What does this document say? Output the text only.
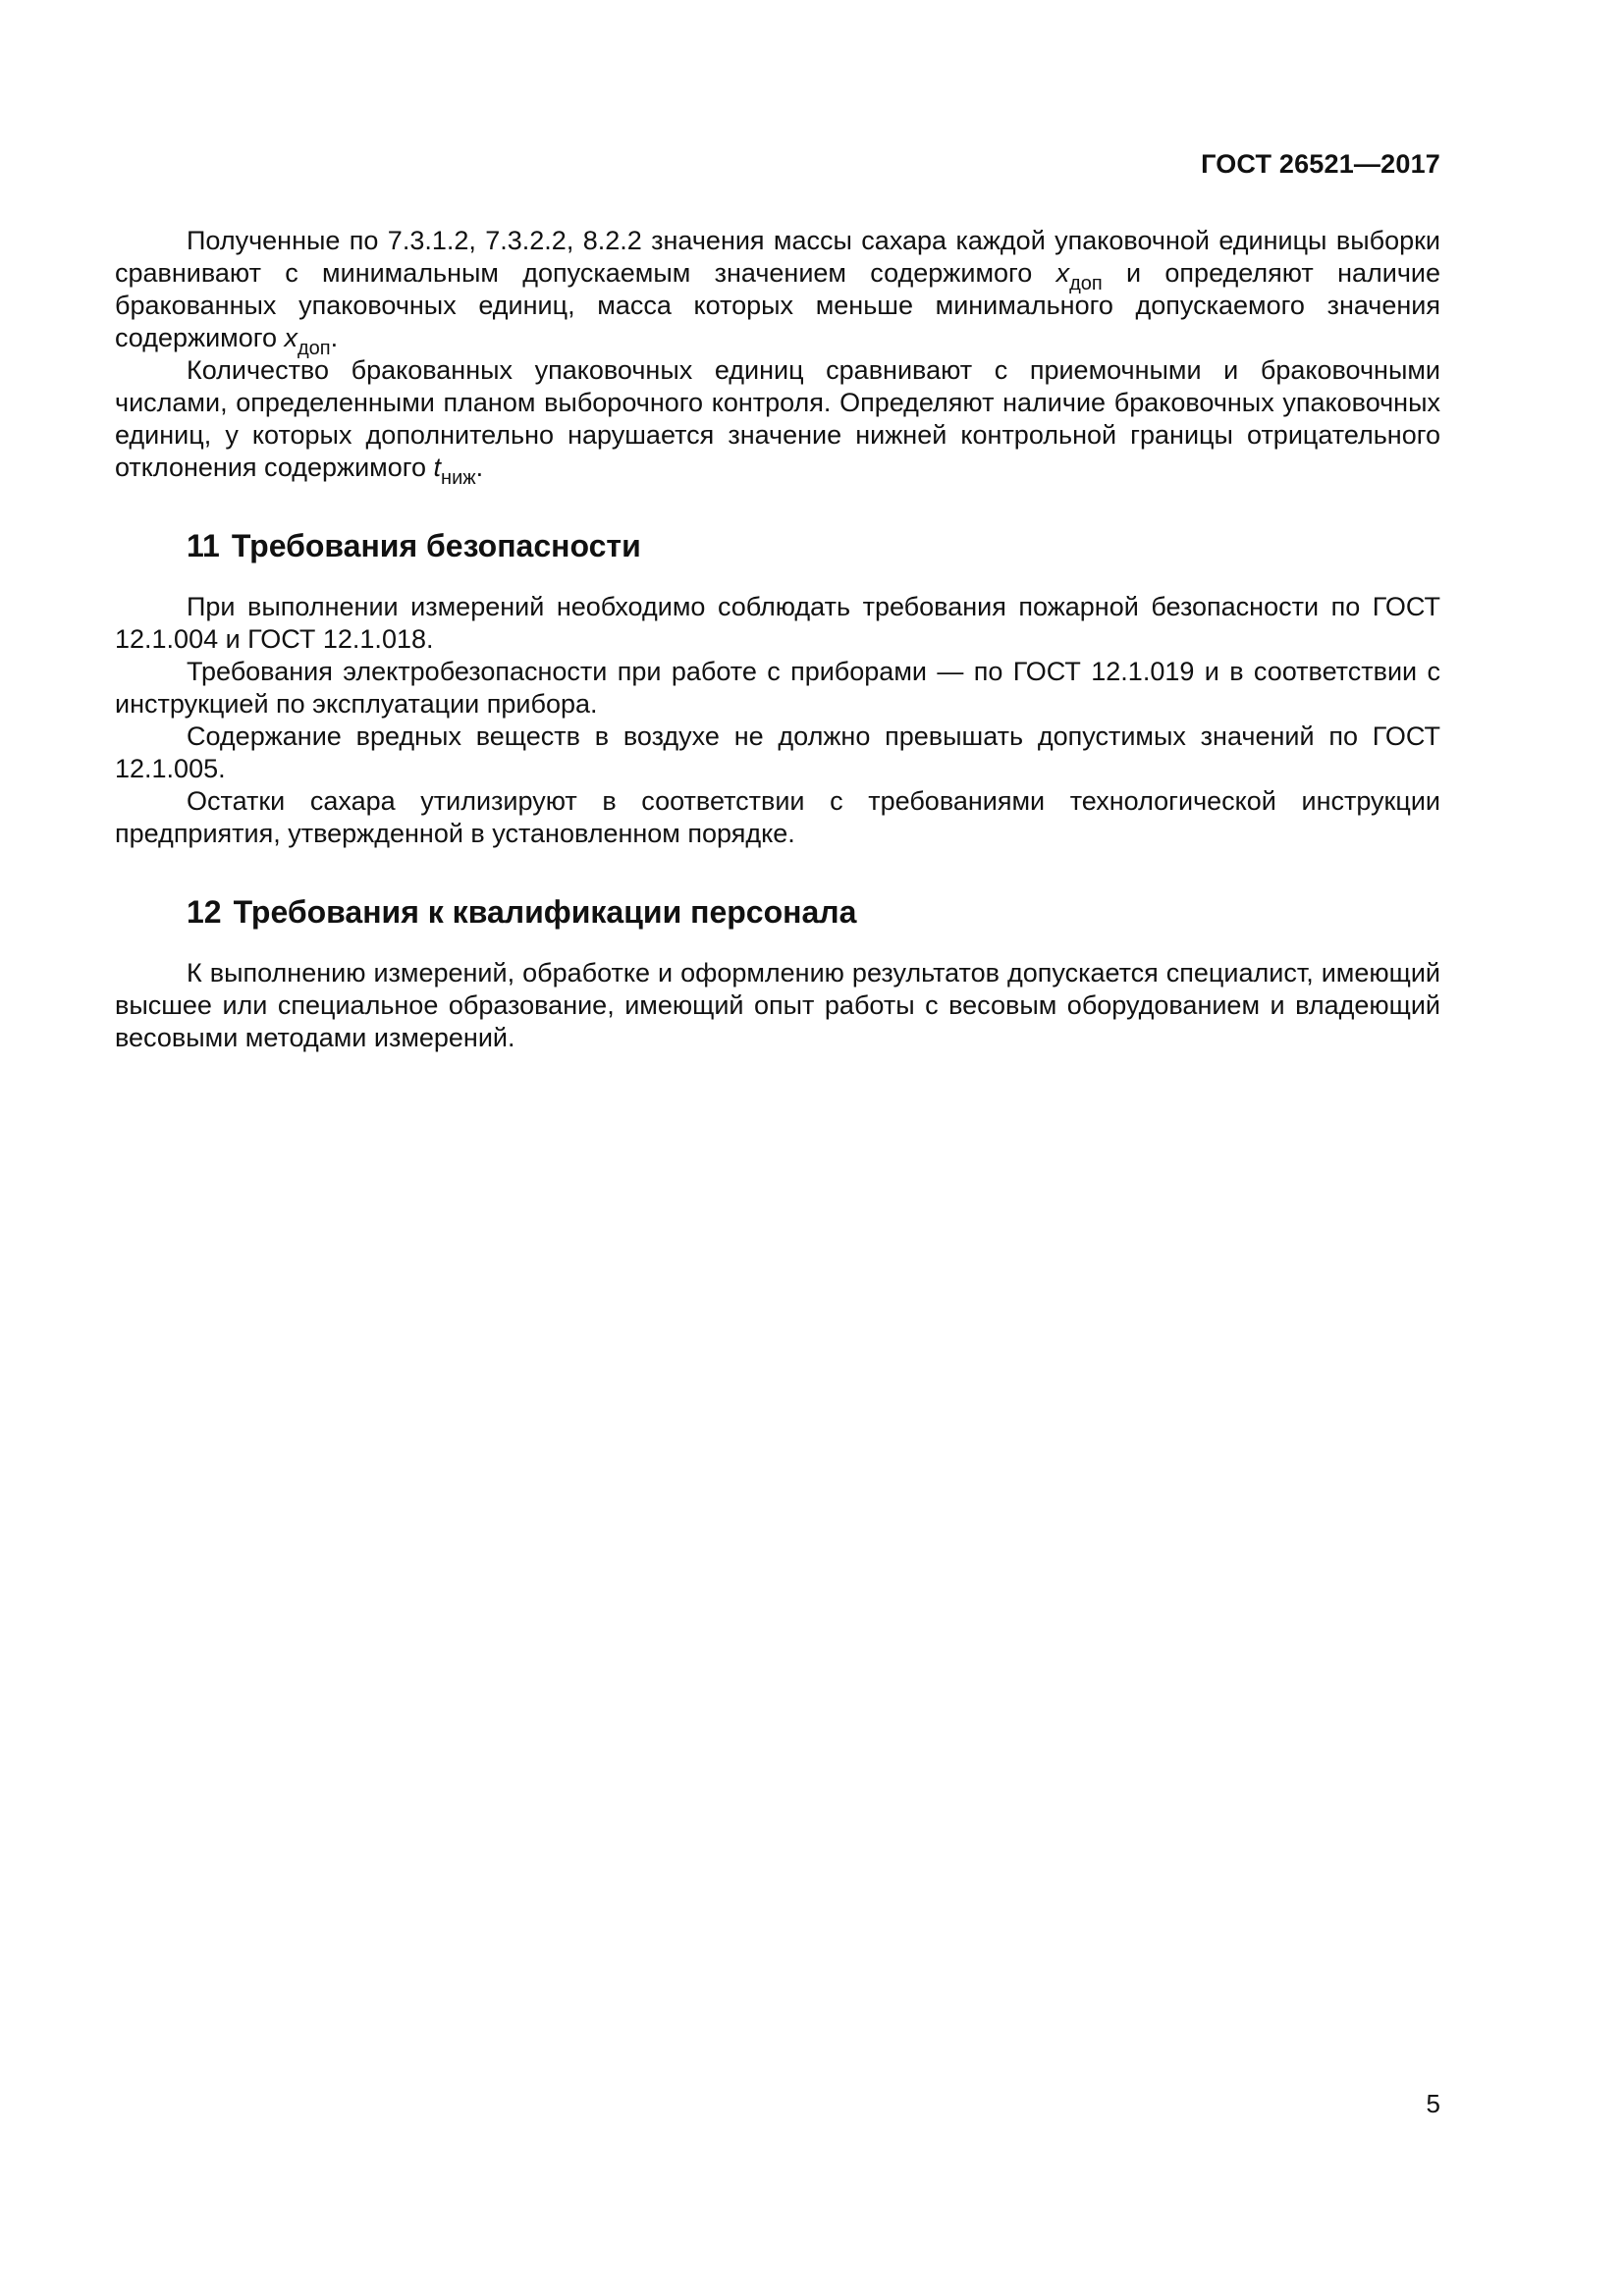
ГОСТ 26521—2017

Полученные по 7.3.1.2, 7.3.2.2, 8.2.2 значения массы сахара каждой упаковочной единицы выборки сравнивают с минимальным допускаемым значением содержимого $x_{доп}$ и определяют наличие бракованных упаковочных единиц, масса которых меньше минимального допускаемого значения содержимого $x_{доп}$.

Количество бракованных упаковочных единиц сравнивают с приемочными и браковочными числами, определенными планом выборочного контроля. Определяют наличие браковочных упаковочных единиц, у которых дополнительно нарушается значение нижней контрольной границы отрицательного отклонения содержимого $t_{ниж}$.

11 Требования безопасности

При выполнении измерений необходимо соблюдать требования пожарной безопасности по ГОСТ 12.1.004 и ГОСТ 12.1.018.

Требования электробезопасности при работе с приборами — по ГОСТ 12.1.019 и в соответствии с инструкцией по эксплуатации прибора.

Содержание вредных веществ в воздухе не должно превышать допустимых значений по ГОСТ 12.1.005.

Остатки сахара утилизируют в соответствии с требованиями технологической инструкции предприятия, утвержденной в установленном порядке.

12 Требования к квалификации персонала

К выполнению измерений, обработке и оформлению результатов допускается специалист, имеющий высшее или специальное образование, имеющий опыт работы с весовым оборудованием и владеющий весовыми методами измерений.

5
